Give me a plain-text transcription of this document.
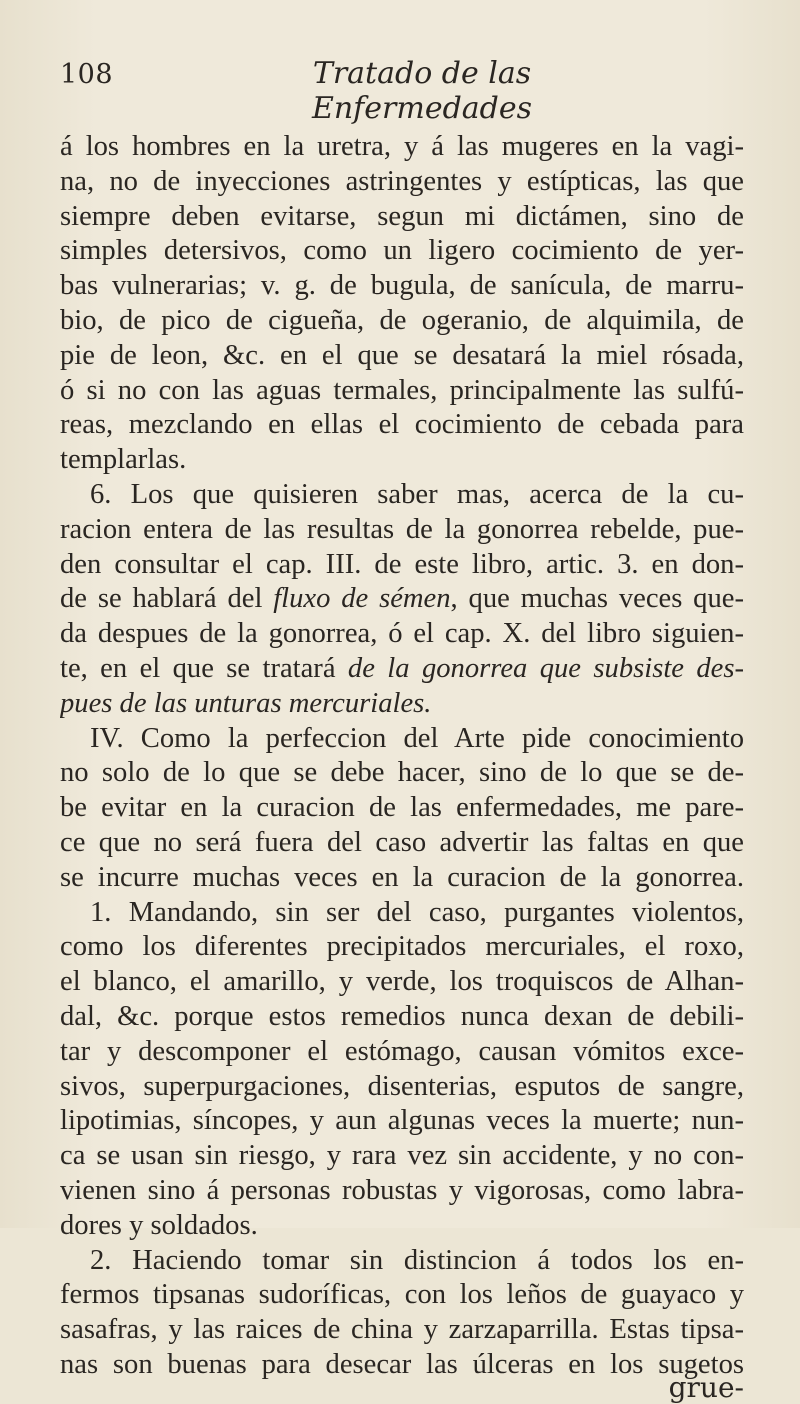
108	Tratado de las Enfermedades
á los hombres en la uretra, y á las mugeres en la vagi-
na, no de inyecciones astringentes y estípticas, las que
siempre deben evitarse, segun mi dictámen, sino de
simples detersivos, como un ligero cocimiento de yer-
bas vulnerarias; v. g. de bugula, de sanícula, de marru-
bio, de pico de cigueña, de ogeranio, de alquimila, de
pie de leon, &c. en el que se desatará la miel rósada,
ó si no con las aguas termales, principalmente las sulfú-
reas, mezclando en ellas el cocimiento de cebada para
templarlas.
6. Los que quisieren saber mas, acerca de la cu-
racion entera de las resultas de la gonorrea rebelde, pue-
den consultar el cap. III. de este libro, artic. 3. en don-
de se hablará del fluxo de sémen, que muchas veces que-
da despues de la gonorrea, ó el cap. X. del libro siguien-
te, en el que se tratará de la gonorrea que subsiste des-
pues de las unturas mercuriales.
IV. Como la perfeccion del Arte pide conocimiento
no solo de lo que se debe hacer, sino de lo que se de-
be evitar en la curacion de las enfermedades, me pare-
ce que no será fuera del caso advertir las faltas en que
se incurre muchas veces en la curacion de la gonorrea.
1. Mandando, sin ser del caso, purgantes violentos,
como los diferentes precipitados mercuriales, el roxo,
el blanco, el amarillo, y verde, los troquiscos de Alhan-
dal, &c. porque estos remedios nunca dexan de debili-
tar y descomponer el estómago, causan vómitos exce-
sivos, superpurgaciones, disenterias, esputos de sangre,
lipotimias, síncopes, y aun algunas veces la muerte; nun-
ca se usan sin riesgo, y rara vez sin accidente, y no con-
vienen sino á personas robustas y vigorosas, como labra-
dores y soldados.
2. Haciendo tomar sin distincion á todos los en-
fermos tipsanas sudoríficas, con los leños de guayaco y
sasafras, y las raices de china y zarzaparrilla. Estas tipsa-
nas son buenas para desecar las úlceras en los sugetos
grue-
